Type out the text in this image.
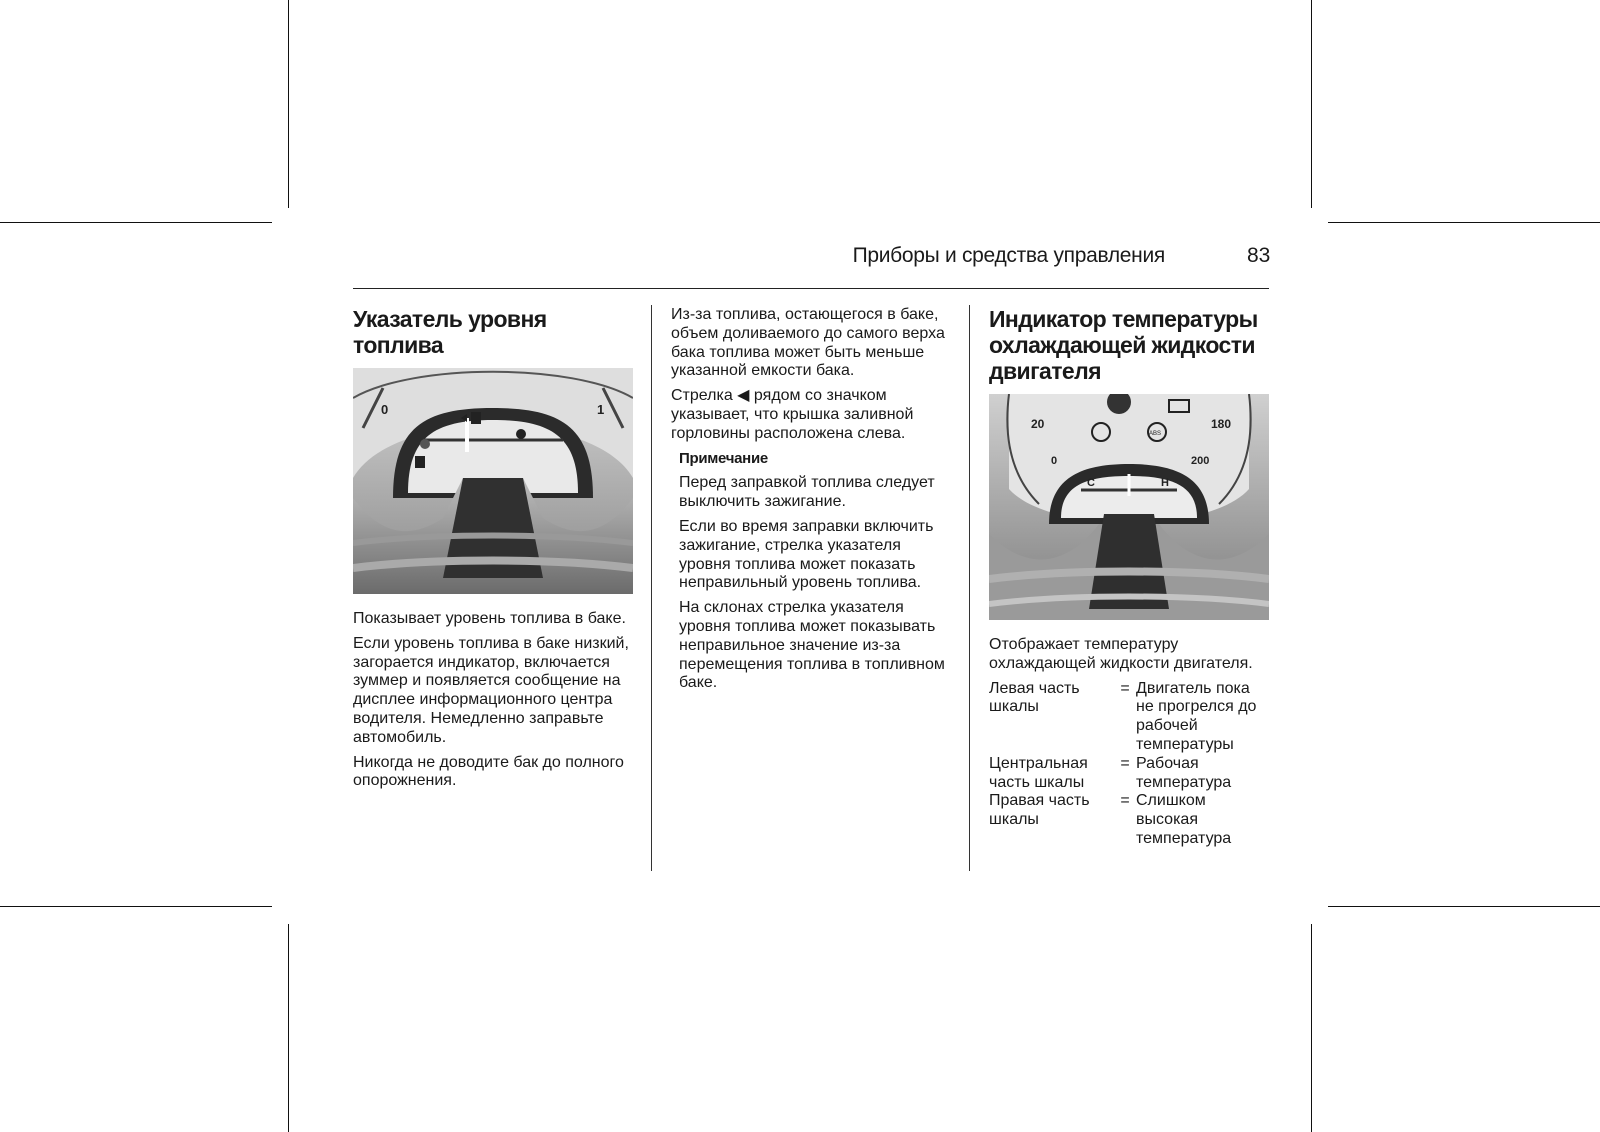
Приборы и средства управления	83
Указатель уровня топлива
0	1

Показывает уровень топлива в баке.

Если уровень топлива в баке низкий, загорается индикатор, включается зуммер и появляется сообщение на дисплее информационного центра водителя. Немедленно заправьте автомобиль.

Никогда не доводите бак до полного опорожнения.

Из-за топлива, остающегося в баке, объем доливаемого до самого верха бака топлива может быть меньше указанной емкости бака.

Стрелка ◀ рядом со значком указывает, что крышка заливной горловины расположена слева.

Примечание

Перед заправкой топлива следует выключить зажигание.

Если во время заправки включить зажигание, стрелка указателя уровня топлива может показать неправильный уровень топлива.

На склонах стрелка указателя уровня топлива может показывать неправильное значение из-за перемещения топлива в топливном баке.

Индикатор температуры охлаждающей жидкости двигателя
20
0
180
200
ABS
C	H

Отображает температуру охлаждающей жидкости двигателя.

Левая часть шкалы
= Двигатель пока не прогрелся до рабочей температуры
Центральная часть шкалы
= Рабочая температура
Правая часть шкалы
= Слишком высокая температура
